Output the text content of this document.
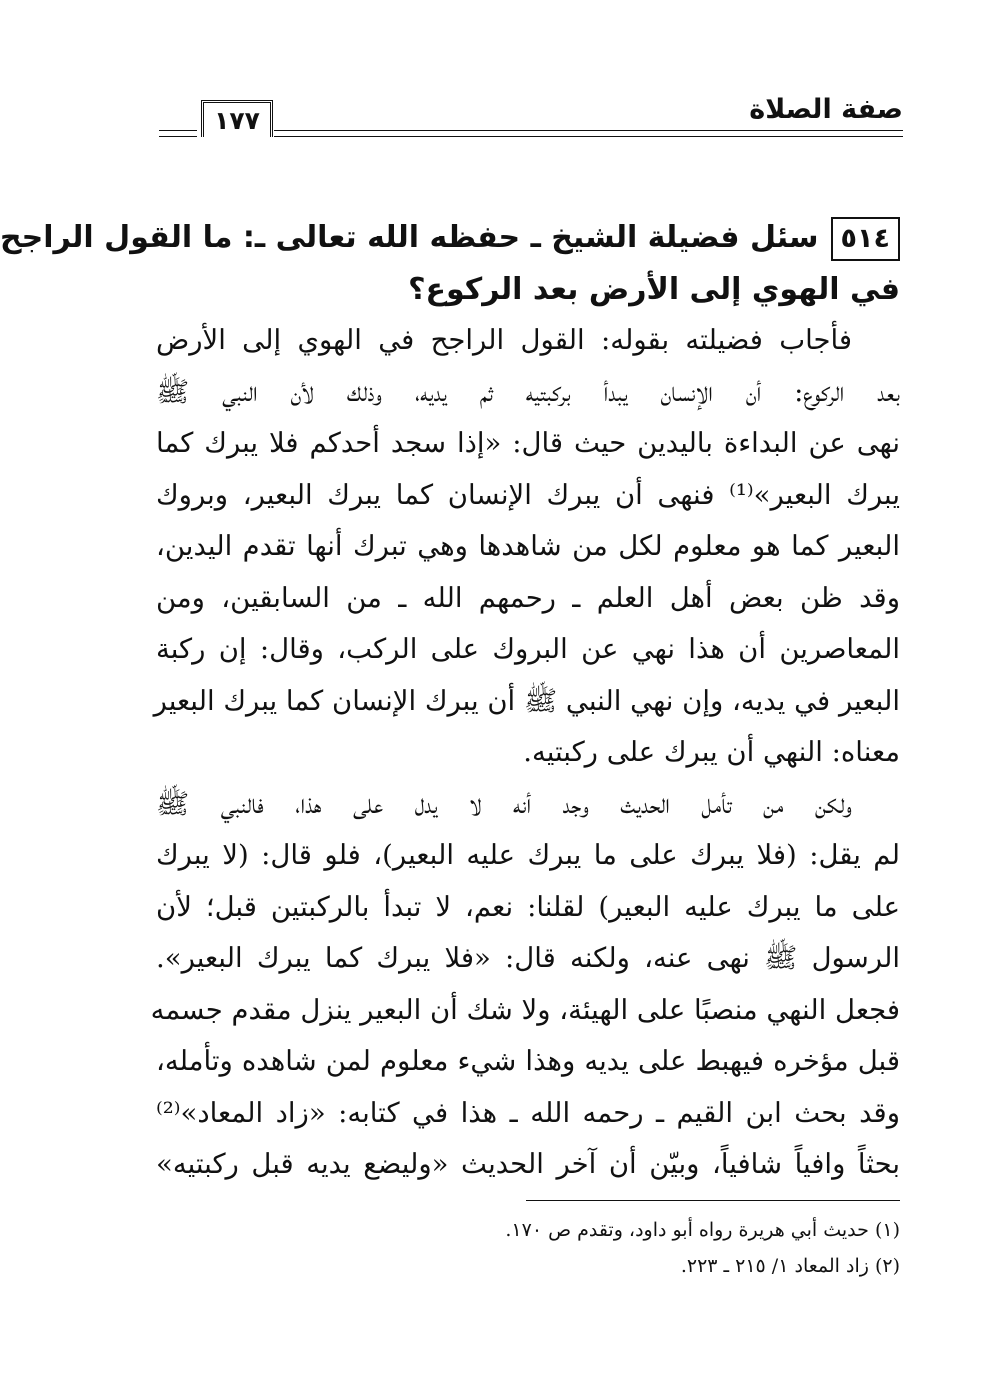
صفة الصلاة
١٧٧
٥١٤سئل فضيلة الشيخ ـ حفظه الله تعالى ـ: ما القول الراجح
في الهوي إلى الأرض بعد الركوع؟
فأجاب فضيلته بقوله: القول الراجح في الهوي إلى الأرض
بعد الركوع: أن الإنسان يبدأ بركبتيه ثم يديه، وذلك لأن النبي ﷺ
نهى عن البداءة باليدين حيث قال: «إذا سجد أحدكم فلا يبرك كما
يبرك البعير»⁽¹⁾ فنهى أن يبرك الإنسان كما يبرك البعير، وبروك
البعير كما هو معلوم لكل من شاهدها وهي تبرك أنها تقدم اليدين،
وقد ظن بعض أهل العلم ـ رحمهم الله ـ من السابقين، ومن
المعاصرين أن هذا نهي عن البروك على الركب، وقال: إن ركبة
البعير في يديه، وإن نهي النبي ﷺ أن يبرك الإنسان كما يبرك البعير
معناه: النهي أن يبرك على ركبتيه.
ولكن من تأمل الحديث وجد أنه لا يدل على هذا، فالنبي ﷺ
لم يقل: (فلا يبرك على ما يبرك عليه البعير)، فلو قال: (لا يبرك
على ما يبرك عليه البعير) لقلنا: نعم، لا تبدأ بالركبتين قبل؛ لأن
الرسول ﷺ نهى عنه، ولكنه قال: «فلا يبرك كما يبرك البعير».
فجعل النهي منصبًا على الهيئة، ولا شك أن البعير ينزل مقدم جسمه
قبل مؤخره فيهبط على يديه وهذا شيء معلوم لمن شاهده وتأمله،
وقد بحث ابن القيم ـ رحمه الله ـ هذا في كتابه: «زاد المعاد»⁽²⁾
بحثاً وافياً شافياً، وبيّن أن آخر الحديث «وليضع يديه قبل ركبتيه»
(١) حديث أبي هريرة رواه أبو داود، وتقدم ص ١٧٠.
(٢) زاد المعاد ١/ ٢١٥ ـ ٢٢٣.
